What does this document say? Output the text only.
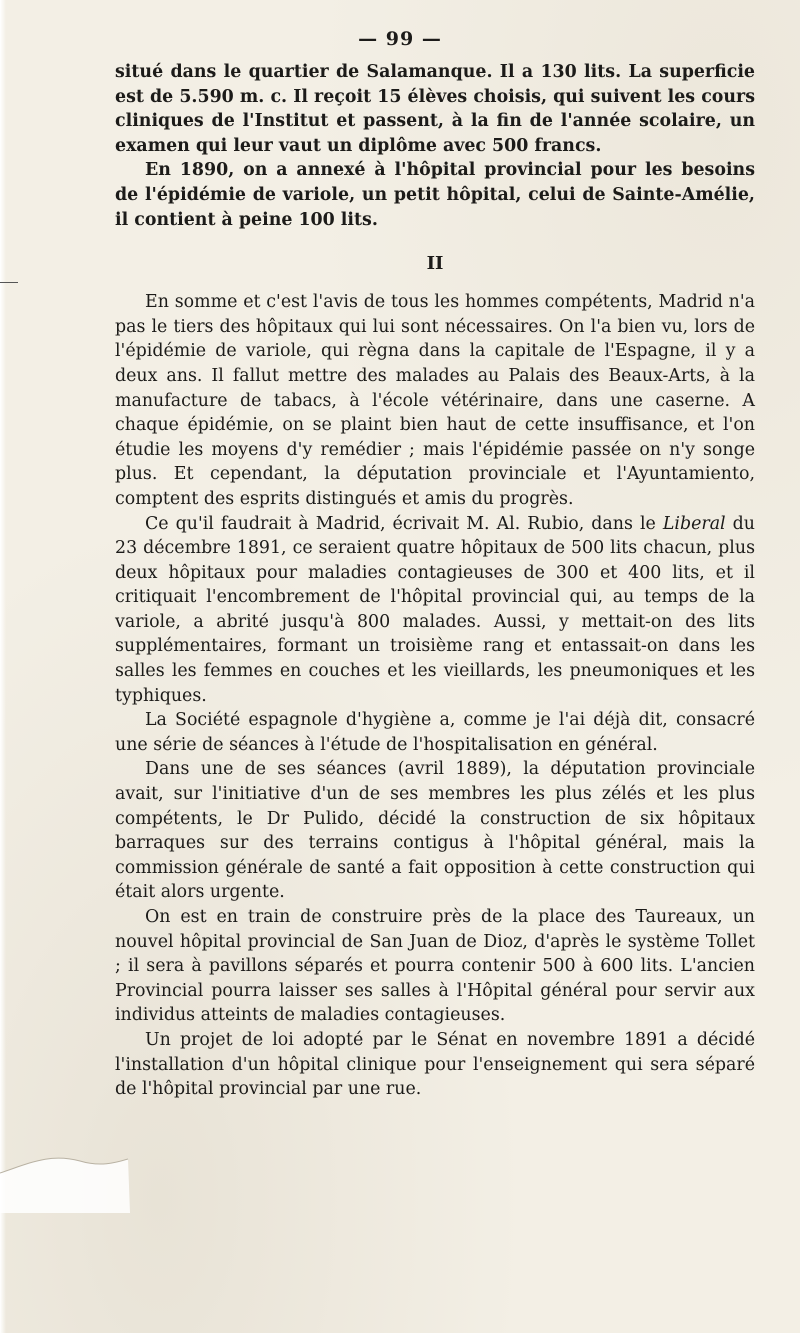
— 99 —

situé dans le quartier de Salamanque. Il a 130 lits. La superficie est de 5.590 m. c. Il reçoit 15 élèves choisis, qui suivent les cours cliniques de l'Institut et passent, à la fin de l'année scolaire, un examen qui leur vaut un diplôme avec 500 francs.

En 1890, on a annexé à l'hôpital provincial pour les besoins de l'épidémie de variole, un petit hôpital, celui de Sainte-Amélie, il contient à peine 100 lits.

II

En somme et c'est l'avis de tous les hommes compétents, Madrid n'a pas le tiers des hôpitaux qui lui sont nécessaires. On l'a bien vu, lors de l'épidémie de variole, qui règna dans la capitale de l'Espagne, il y a deux ans. Il fallut mettre des malades au Palais des Beaux-Arts, à la manufacture de tabacs, à l'école vétérinaire, dans une caserne. A chaque épidémie, on se plaint bien haut de cette insuffisance, et l'on étudie les moyens d'y remédier ; mais l'épidémie passée on n'y songe plus. Et cependant, la députation provinciale et l'Ayuntamiento, comptent des esprits distingués et amis du progrès.

Ce qu'il faudrait à Madrid, écrivait M. Al. Rubio, dans le Liberal du 23 décembre 1891, ce seraient quatre hôpitaux de 500 lits chacun, plus deux hôpitaux pour maladies contagieuses de 300 et 400 lits, et il critiquait l'encombrement de l'hôpital provincial qui, au temps de la variole, a abrité jusqu'à 800 malades. Aussi, y mettait-on des lits supplémentaires, formant un troisième rang et entassait-on dans les salles les femmes en couches et les vieillards, les pneumoniques et les typhiques.

La Société espagnole d'hygiène a, comme je l'ai déjà dit, consacré une série de séances à l'étude de l'hospitalisation en général.

Dans une de ses séances (avril 1889), la députation provinciale avait, sur l'initiative d'un de ses membres les plus zélés et les plus compétents, le Dr Pulido, décidé la construction de six hôpitaux barraques sur des terrains contigus à l'hôpital général, mais la commission générale de santé a fait opposition à cette construction qui était alors urgente.

On est en train de construire près de la place des Taureaux, un nouvel hôpital provincial de San Juan de Dioz, d'après le système Tollet ; il sera à pavillons séparés et pourra contenir 500 à 600 lits. L'ancien Provincial pourra laisser ses salles à l'Hôpital général pour servir aux individus atteints de maladies contagieuses.

Un projet de loi adopté par le Sénat en novembre 1891 a décidé l'installation d'un hôpital clinique pour l'enseignement qui sera séparé de l'hôpital provincial par une rue.
